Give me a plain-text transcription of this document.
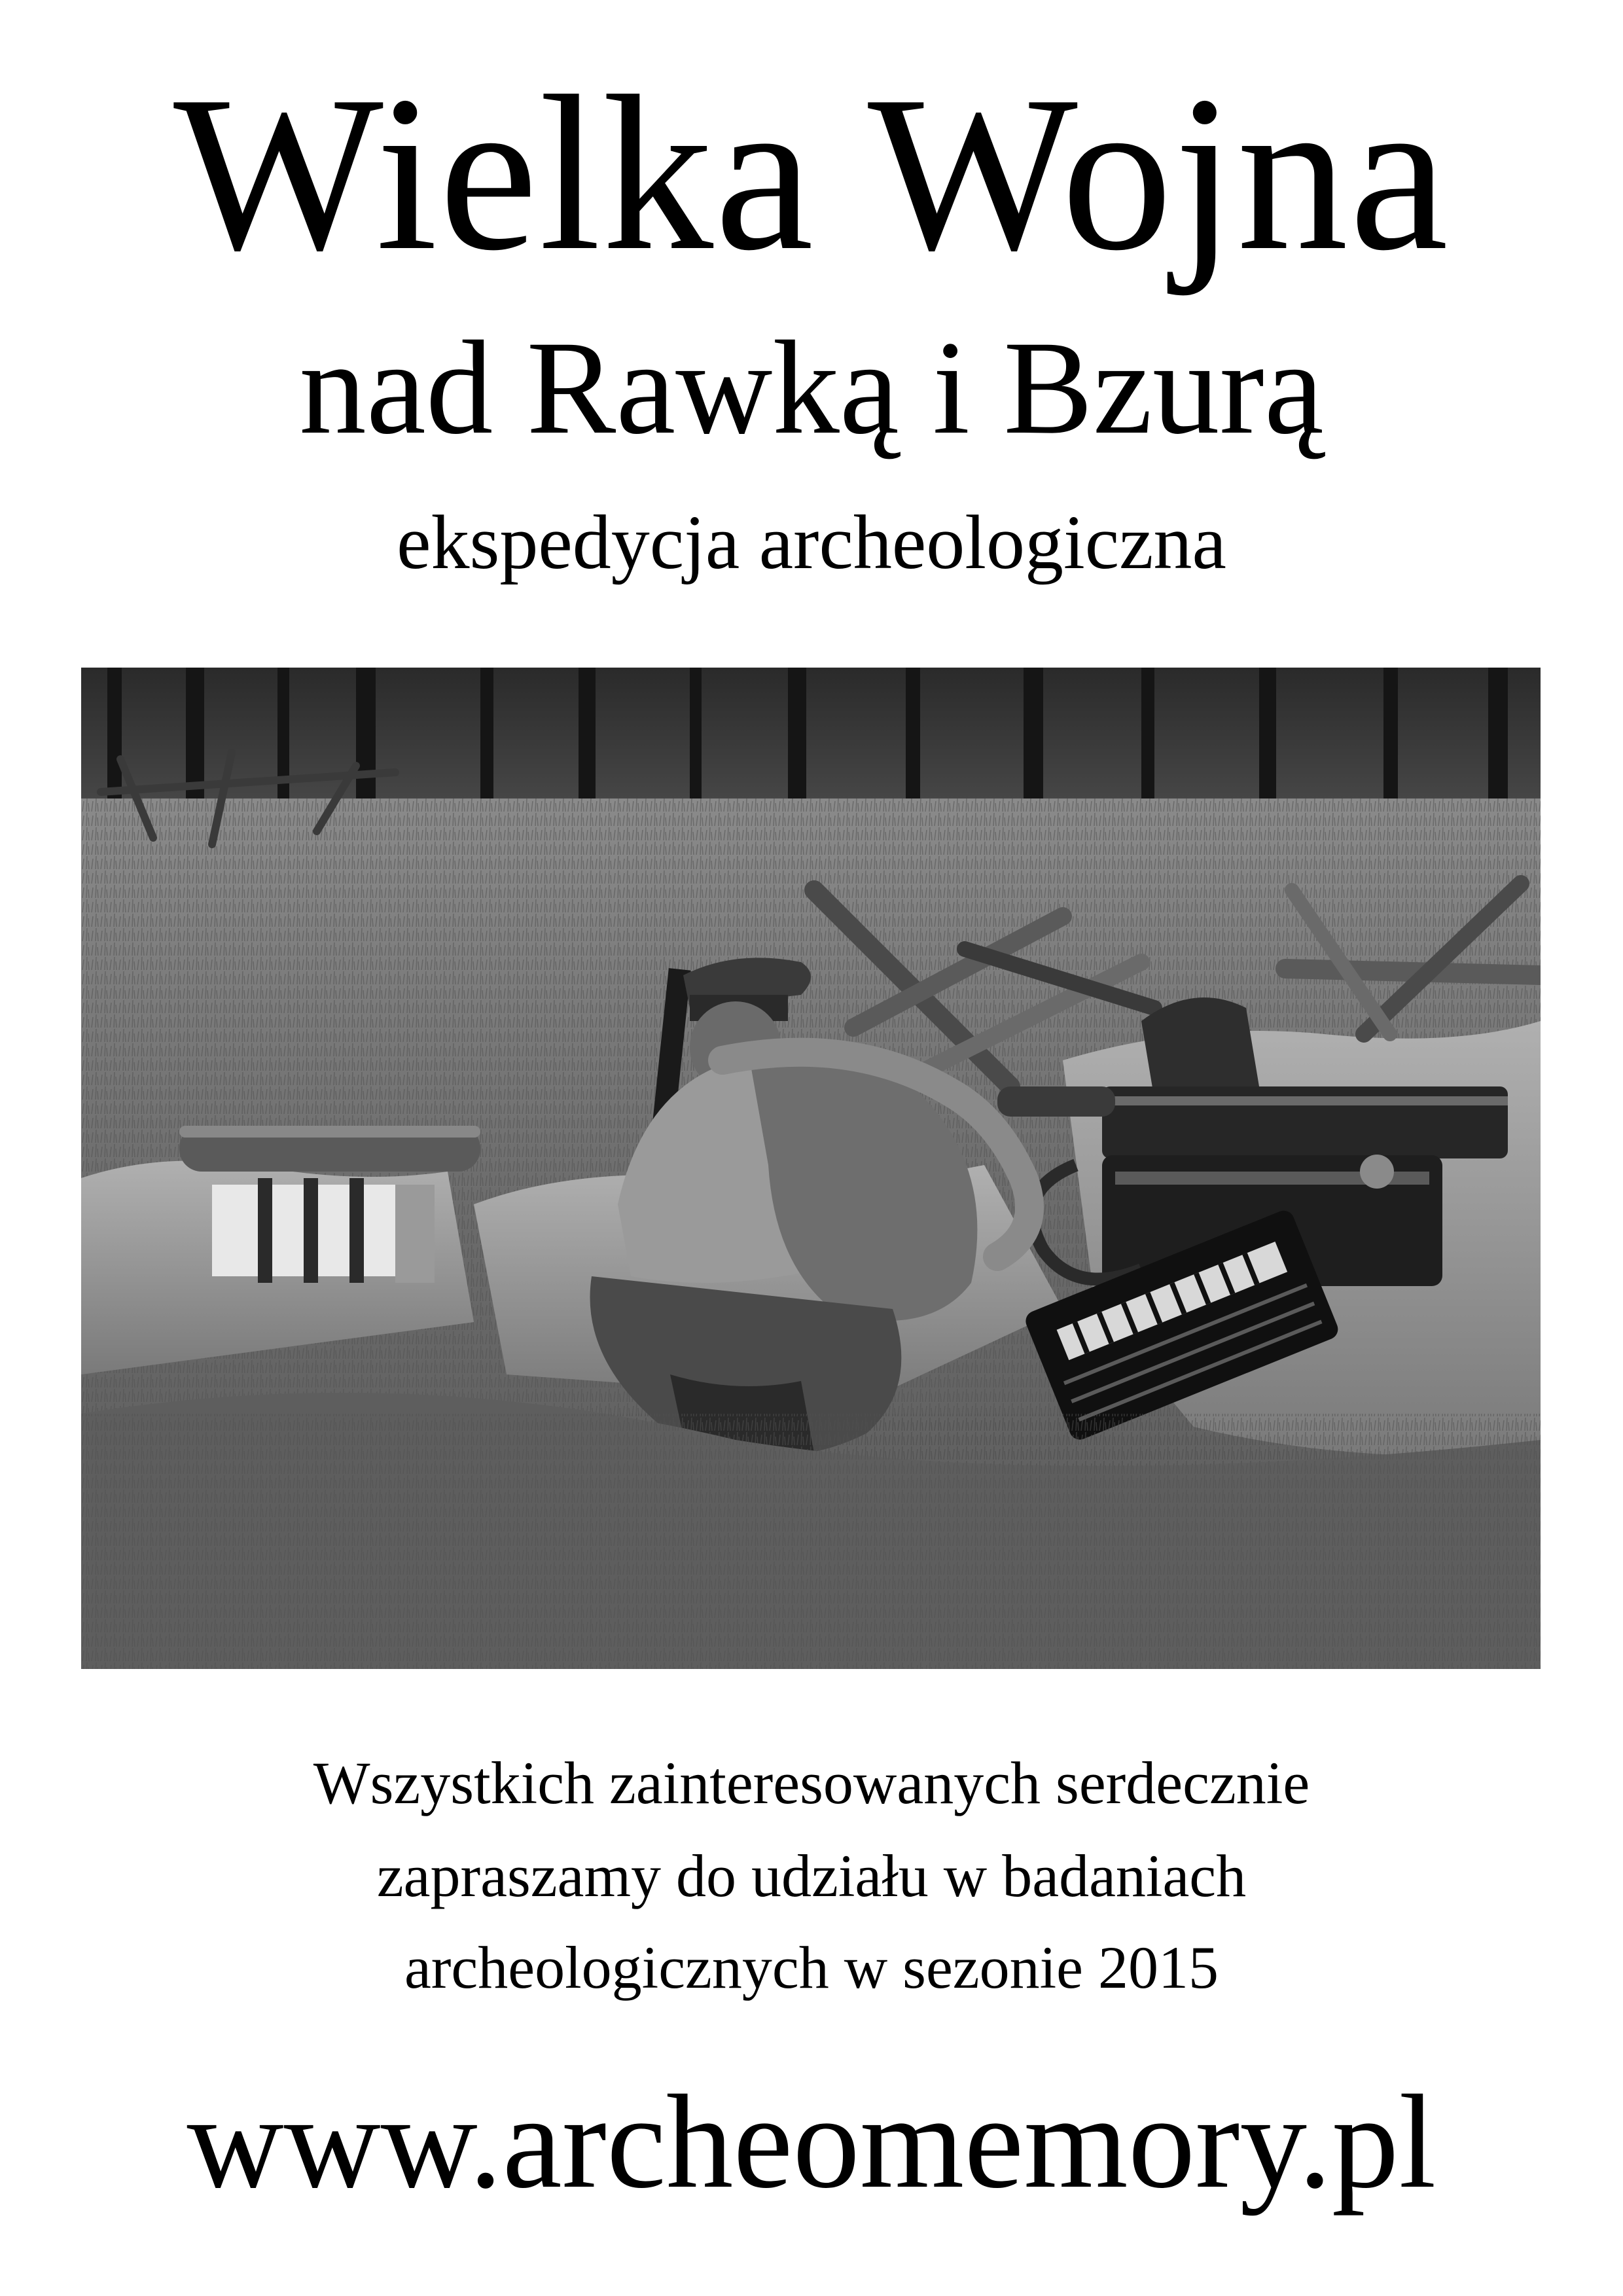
Wielka Wojna
nad Rawką i Bzurą
ekspedycja archeologiczna
Wszystkich zainteresowanych serdecznie
zapraszamy do udziału w badaniach
archeologicznych w sezonie 2015
www.archeomemory.pl
